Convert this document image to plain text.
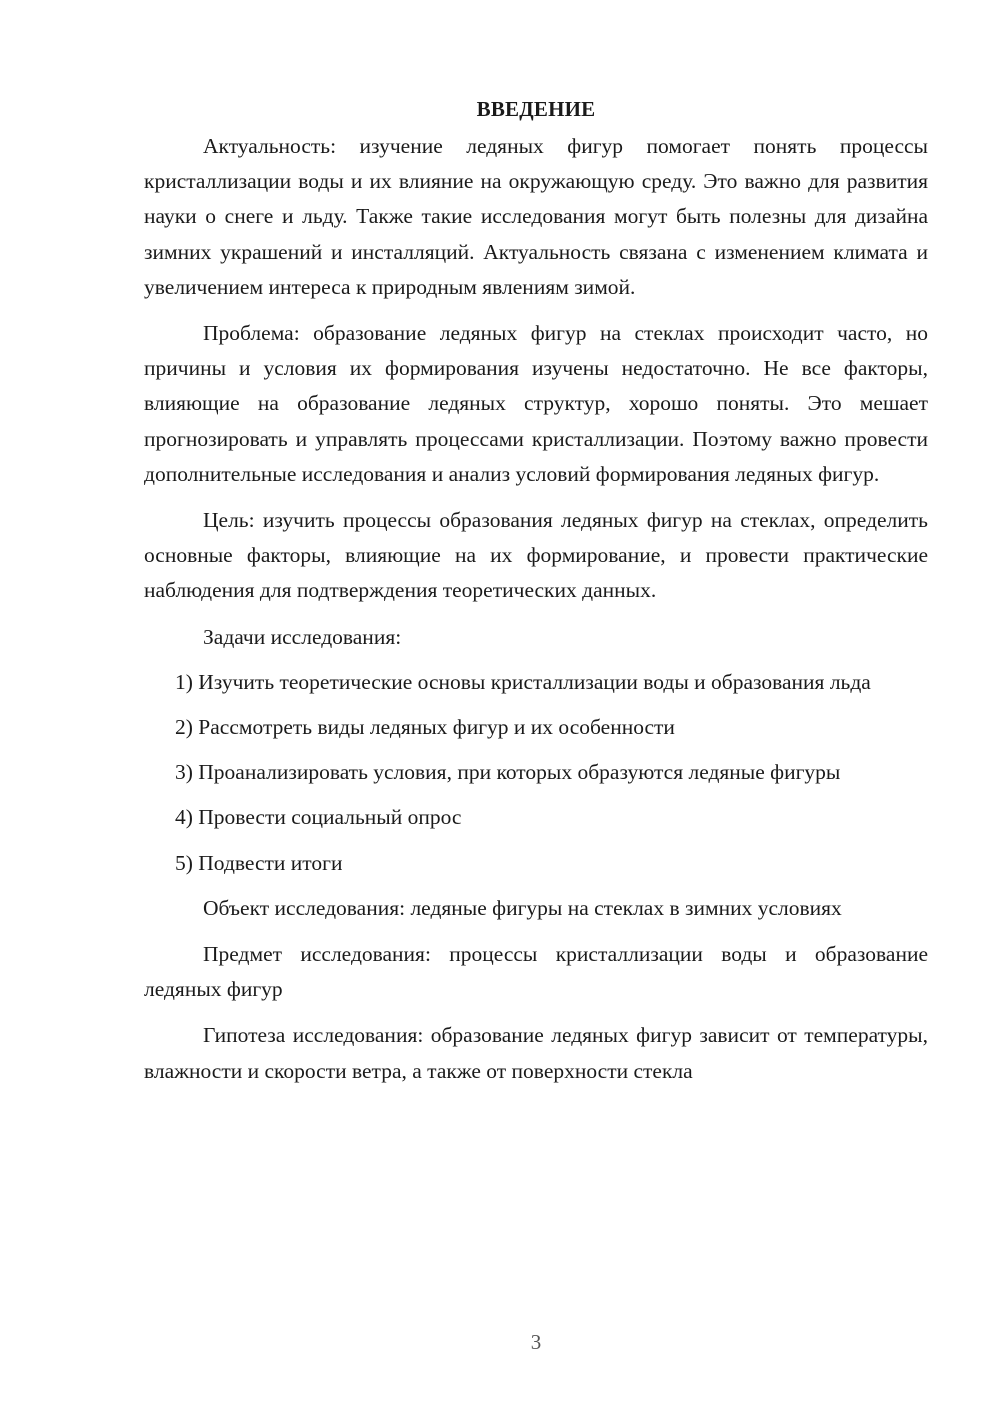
ВВЕДЕНИЕ

Актуальность: изучение ледяных фигур помогает понять процессы кристаллизации воды и их влияние на окружающую среду. Это важно для развития науки о снеге и льду. Также такие исследования могут быть полезны для дизайна зимних украшений и инсталляций. Актуальность связана с изменением климата и увеличением интереса к природным явлениям зимой.

Проблема: образование ледяных фигур на стеклах происходит часто, но причины и условия их формирования изучены недостаточно. Не все факторы, влияющие на образование ледяных структур, хорошо поняты. Это мешает прогнозировать и управлять процессами кристаллизации. Поэтому важно провести дополнительные исследования и анализ условий формирования ледяных фигур.

Цель: изучить процессы образования ледяных фигур на стеклах, определить основные факторы, влияющие на их формирование, и провести практические наблюдения для подтверждения теоретических данных.

Задачи исследования:

1) Изучить теоретические основы кристаллизации воды и образования льда

2) Рассмотреть виды ледяных фигур и их особенности

3) Проанализировать условия, при которых образуются ледяные фигуры

4) Провести социальный опрос

5) Подвести итоги

Объект исследования: ледяные фигуры на стеклах в зимних условиях

Предмет исследования: процессы кристаллизации воды и образование ледяных фигур

Гипотеза исследования: образование ледяных фигур зависит от температуры, влажности и скорости ветра, а также от поверхности стекла

3
